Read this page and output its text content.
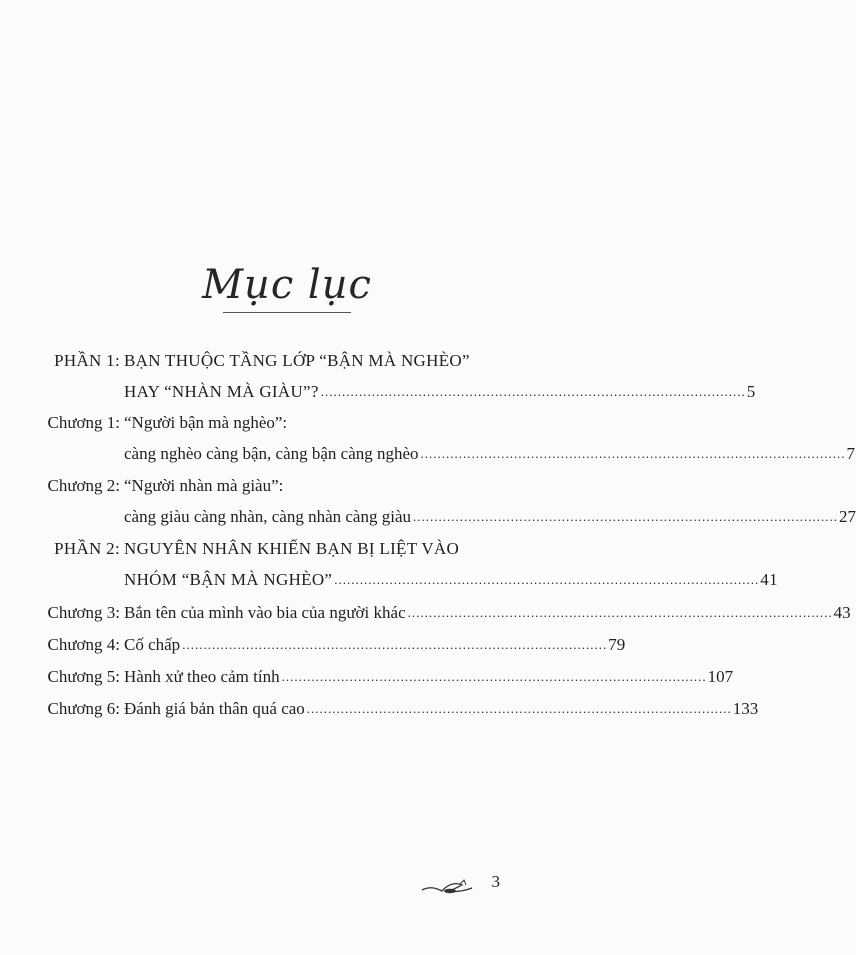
Mục lục
PHẦN 1: BẠN THUỘC TẦNG LỚP “BẬN MÀ NGHÈO”
HAY “NHÀN MÀ GIÀU”? .................................................................................................... 5
Chương 1: “Người bận mà nghèo”:
càng nghèo càng bận, càng bận càng nghèo .................................................................................................... 7
Chương 2: “Người nhàn mà giàu”:
càng giàu càng nhàn, càng nhàn càng giàu .................................................................................................... 27
PHẦN 2: NGUYÊN NHÂN KHIẾN BẠN BỊ LIỆT VÀO
NHÓM “BẬN MÀ NGHÈO” .................................................................................................... 41
Chương 3: Bắn tên của mình vào bia của người khác .................................................................................................... 43
Chương 4: Cố chấp .................................................................................................... 79
Chương 5: Hành xử theo cảm tính .................................................................................................... 107
Chương 6: Đánh giá bản thân quá cao .................................................................................................... 133
3
